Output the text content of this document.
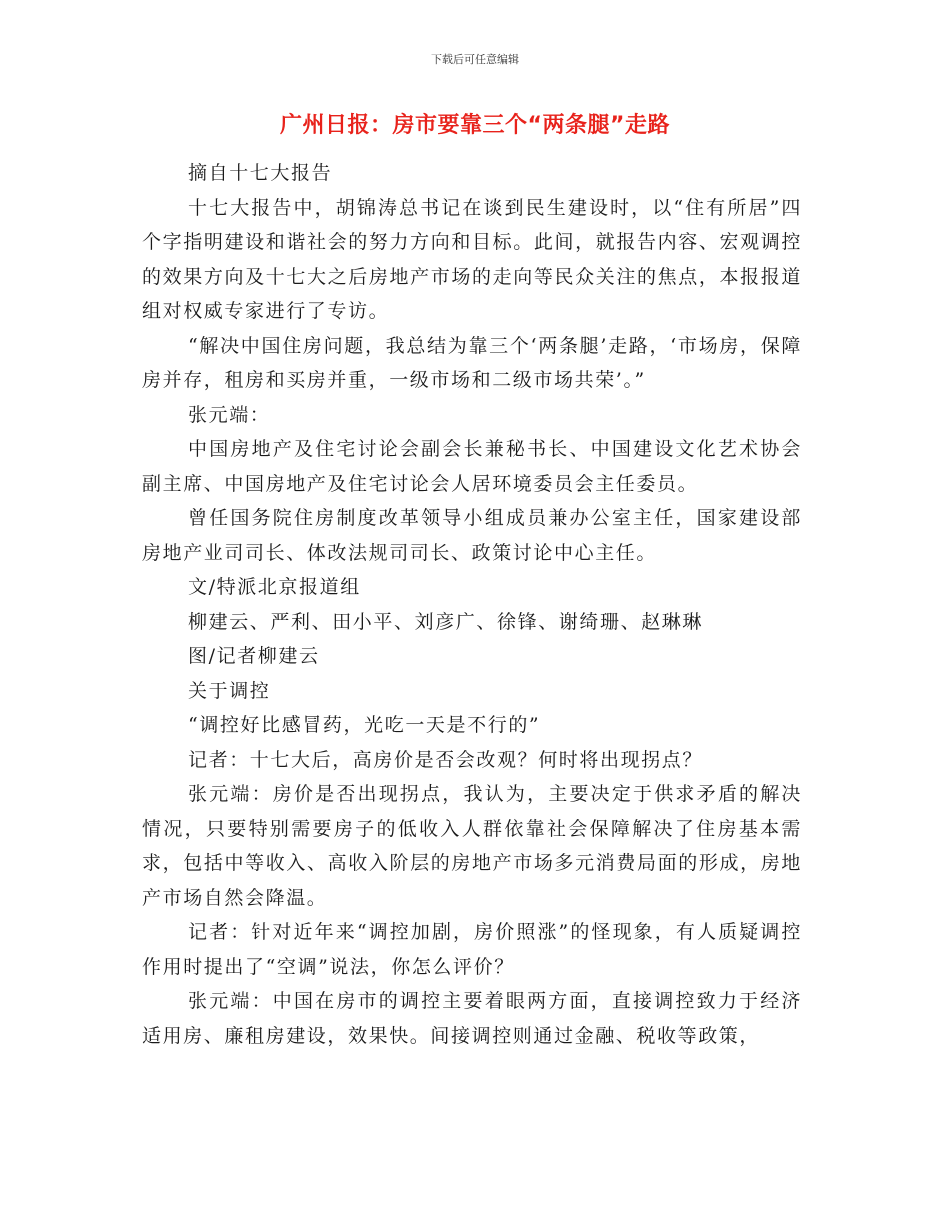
下载后可任意编辑
广州日报：房市要靠三个“两条腿”走路

摘自十七大报告

十七大报告中，胡锦涛总书记在谈到民生建设时，以“住有所居”四个字指明建设和谐社会的努力方向和目标。此间，就报告内容、宏观调控的效果方向及十七大之后房地产市场的走向等民众关注的焦点，本报报道组对权威专家进行了专访。

“解决中国住房问题，我总结为靠三个‘两条腿’走路，‘市场房，保障房并存，租房和买房并重，一级市场和二级市场共荣’。”

张元端：

中国房地产及住宅讨论会副会长兼秘书长、中国建设文化艺术协会副主席、中国房地产及住宅讨论会人居环境委员会主任委员。

曾任国务院住房制度改革领导小组成员兼办公室主任，国家建设部房地产业司司长、体改法规司司长、政策讨论中心主任。

文/特派北京报道组

柳建云、严利、田小平、刘彦广、徐锋、谢绮珊、赵琳琳

图/记者柳建云

关于调控

“调控好比感冒药，光吃一天是不行的”

记者：十七大后，高房价是否会改观？何时将出现拐点？

张元端：房价是否出现拐点，我认为，主要决定于供求矛盾的解决情况，只要特别需要房子的低收入人群依靠社会保障解决了住房基本需求，包括中等收入、高收入阶层的房地产市场多元消费局面的形成，房地产市场自然会降温。

记者：针对近年来“调控加剧，房价照涨”的怪现象，有人质疑调控作用时提出了“空调”说法，你怎么评价？

张元端：中国在房市的调控主要着眼两方面，直接调控致力于经济适用房、廉租房建设，效果快。间接调控则通过金融、税收等政策，
